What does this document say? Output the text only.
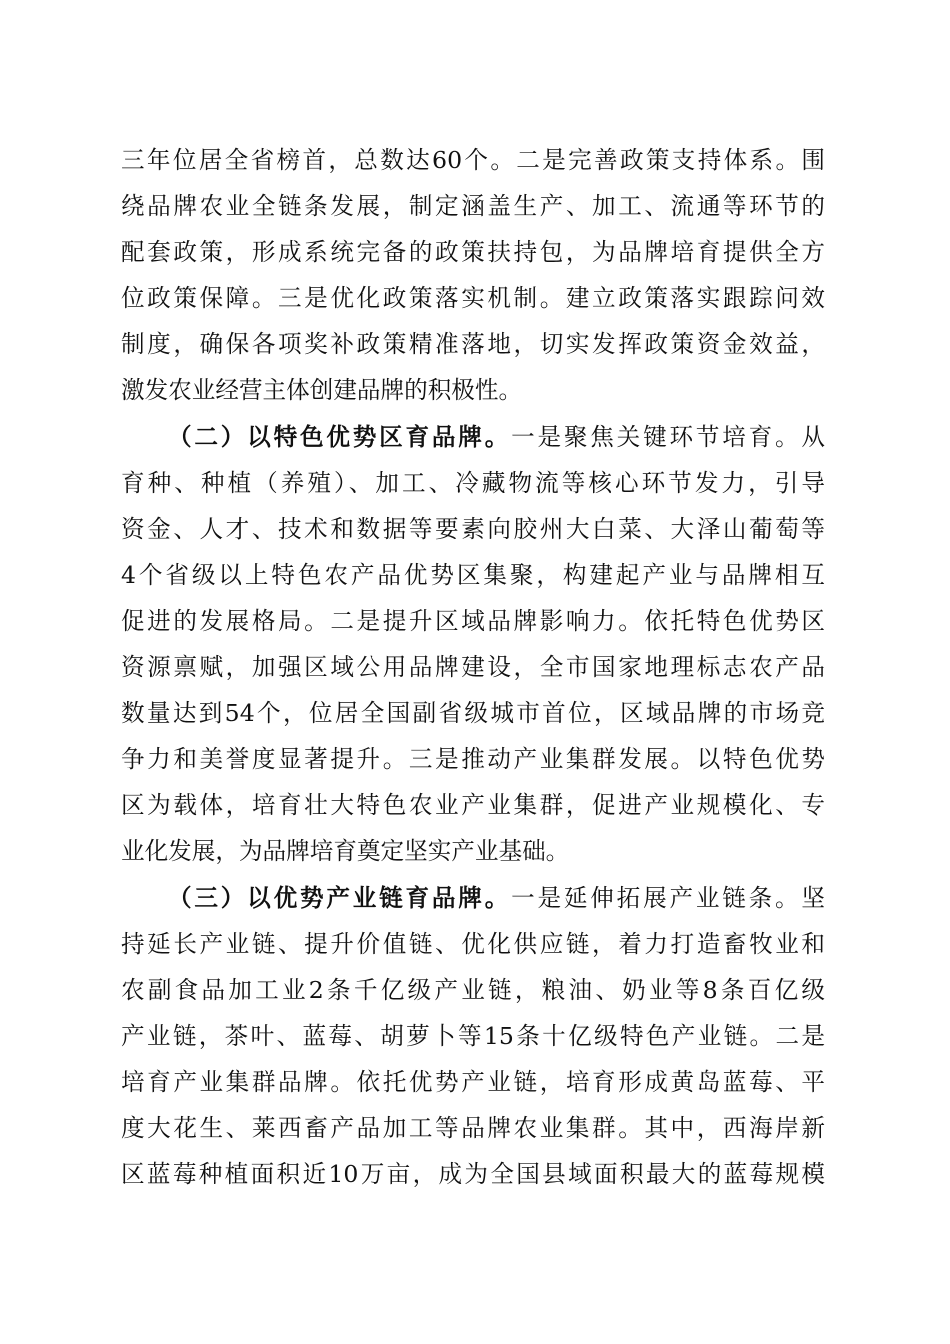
三年位居全省榜首，总数达60个。二是完善政策支持体系。围
绕品牌农业全链条发展，制定涵盖生产、加工、流通等环节的
配套政策，形成系统完备的政策扶持包，为品牌培育提供全方
位政策保障。三是优化政策落实机制。建立政策落实跟踪问效
制度，确保各项奖补政策精准落地，切实发挥政策资金效益，
激发农业经营主体创建品牌的积极性。
（二）以特色优势区育品牌。一是聚焦关键环节培育。从
育种、种植（养殖）、加工、冷藏物流等核心环节发力，引导
资金、人才、技术和数据等要素向胶州大白菜、大泽山葡萄等
4个省级以上特色农产品优势区集聚，构建起产业与品牌相互
促进的发展格局。二是提升区域品牌影响力。依托特色优势区
资源禀赋，加强区域公用品牌建设，全市国家地理标志农产品
数量达到54个，位居全国副省级城市首位，区域品牌的市场竞
争力和美誉度显著提升。三是推动产业集群发展。以特色优势
区为载体，培育壮大特色农业产业集群，促进产业规模化、专
业化发展，为品牌培育奠定坚实产业基础。
（三）以优势产业链育品牌。一是延伸拓展产业链条。坚
持延长产业链、提升价值链、优化供应链，着力打造畜牧业和
农副食品加工业2条千亿级产业链，粮油、奶业等8条百亿级
产业链，茶叶、蓝莓、胡萝卜等15条十亿级特色产业链。二是
培育产业集群品牌。依托优势产业链，培育形成黄岛蓝莓、平
度大花生、莱西畜产品加工等品牌农业集群。其中，西海岸新
区蓝莓种植面积近10万亩，成为全国县域面积最大的蓝莓规模
